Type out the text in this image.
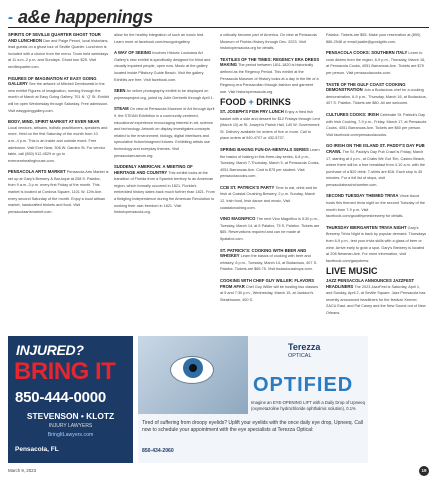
- a&e happenings
SPIRITS OF SEVILLE QUARTER GHOST TOUR AND LUNCHEON Dan and Paige Peroni, local historians, lead guests on a ghost tour of Seville Quarter. Luncheon is included with a choice from the menu. Tours held weekdays at 11 a.m.-2 p.m. and Sundays. Ghost tour $25. Visit sevillequarter.com.
FIGURES OF IMAGINATION AT EASY GOING GALLERY See the artwork of Mitchell Dembowski in the new exhibit Figures of Imagination, running through the month of March at Easy Going Gallery, 701 N. 'Q' St. Exhibit will be open Wednesday through Saturday. Free admission. Visit easygoinggallery.com.
BODY, MIND, SPIRIT MARKET AT EVER NEAR Local vendors, artisans, holistic practitioners, speakers and more. Held on the first Saturday of the month from 10 a.m.-4 p.m. This is an inside and outside event. Free admission. Visit Ever Near, 306 W. Garden St. For vendor table, call (850) 912-4529 or go to evernearhealinghouse.com.
PENSACOLA ARTS MARKET Pensacola Arts Market is set up at Gary's Brewery & Bar-bque at 208 S. Palafox, from 9 a.m.-3 p.m. every first Friday of the month. This market is located at Cordova Square, 1101 W. 12th Ave. every second Saturday of the month. Enjoy a local artisan market, handcrafted trinkets and food. Visit pensacolaartsmarket.com.
allow for the healthy integration of such an iconic bird. Learn more at facebook.com/escogoingallery.
A WAY OF SEEING Involves Historic Louisiana Art Gallery's new exhibit is specifically designed for blind and visually impaired people, open now. Music at the gallery located inside Pillsbury Guide Beach. Visit the gallery. Exhibits are free. Visit facebook.com.
SEEN An online photography exhibit to be displayed on pnjnewsproject.org, juried by Julie Gerberth through April 1.
STEAM On view at Pensacola Museum of Art through April 9, the STEAM Exhibition is a community-centered, educational experience encouraging interest in art, science and technology. Artwork on display investigates concepts related to the environment, biology, digital interfaces and speculative fiction/imagined futures. Exhibiting artists use technology and everyday themes. Visit pensacolamuseum.org.
SUDDENLY AMERICAN: A MEETING OF HERITAGE AND COUNTRY This exhibit looks at the transition of Florida from a Spanish territory to an American region, which formally occurred in 1821. Florida's embedded history dates back much further than 1821. From a fledgling independence during the American Revolution to working their own freedom in 1821. Visit historicpensacola.org.
a critically become part of America. On view at Pensacola Museum of Florida History through Dec. 2023. Visit historicpensacola.org for details.
TEXTILES OF THE TIMES: REGENCY ERA DRESS MAKING The period between 1811-1820 is historically defined as the Regency Period. This exhibit at the Pensacola Museum of History looks at a day in the life of a Regency-era Pensacolian through fashion and garment use. Visit historicpensacola.org.
FOOD + DRINKS
ST. JOSEPH'S FISH FRY LUNCH Enjoy a fried fish basket with a side and dessert for $12 Fridays through Lent (March 10) at St. Joseph's Parish Hall, 140 W. Government St. Delivery available for orders of five or more. Call to place orders at 940-4707 or 432-5737.
SPRING BAKING FUN-DA-MENTALS SERIES Learn the basics of baking in this three-day series, 6-8 p.m., Tuesday, March 7-Thursday, March 9, at Pensacola Cooks, 4051 Barrancas Ave. Cost is $75 per student. Visit pensacolacooks.com.
CCB ST. PATRICK'S PARTY Time to eat, drink and be Irish at Coastal Crushing Brewery, 2 p.m. Sunday, March 12. Irish food, Irish dance and music. Visit coastalcrushing.com.
VINO MAGNIFICO The next Vino Magnifico is 5:30 p.m., Tuesday, March 14, at 5 Palafox, 75 S. Palafox. Tickets are $65. Reservations required and can be made at 5palafox.com.
ST. PATRICK'S: COOKING WITH BEER AND WHISKEY Learn the basics of cooking with beer and whiskey, 6 p.m., Tuesday, March 14, at Bodacious, 407 S. Palafox. Tickets are $65.75. Visit bodaciousshops.com.
COOKING WITH CHEF GUY WILLER: FLAVORS FROM AFAR Chef Guy Willer will be hosting two classes at 5 and 7:30 p.m., Wednesday, March 15, at Jackson's Steakhouse, 400 S.
Palafox. Tickets are $55. Make your reservation at (850) 886-2948 or email jwaite@goodgrits.com.
PENSACOLA COOKS: SOUTHERN ITALY Learn to cook dishes from the region, 6-9 p.m., Thursday, March 16, at Pensacola Cooks, 4051 Barrancas Ave. Tickets are $75 per person. Visit pensacolacooks.com.
TASTE OF THE GULF COAST COOKING DEMONSTRATION Join a Bodacious chef for a cooking demonstration, 6-9 p.m., Thursday, March 16, at Bodacious, 407 S. Palafox. Tickets are $80. All are welcome.
CULTURES COOKS: IRISH Celebrate St. Patrick's Day with Irish Cooking, 7-9 p.m., Friday, March 17, at Pensacola Cooks, 4051 Barrancas Ave. Tickets are $60 per person. Visit facebook.com/pensacolacooks.
GO IRISH ON THE ISLAND ST. PADDY'S DAY PUB CRAWL The St. Paddy's Day Pub Crawl is Friday, March 17, starting at 4 p.m., at Crabs We Got 'Em, Casino Beach, where there will be a free breakfast from 4-10 a.m. with the purchase of a $20 drink. T-shirts are $18. Each stop is 45 minutes. For a full list of stops, visit pensacolabeachchamber.com.
SECOND TUESDAY THEMED TRIVIA Vince Ascot hosts this themed trivia night on the second Tuesday of the month from 7-9 p.m. Visit facebook.com/goodthymesbrewery for details.
THURSDAY BIERGARTEN TRIVIA NIGHT Gary's Brewery Trivia Night is back by popular demand. Thursdays from 6-9 p.m., test your trivia skills with a glass of beer or wine. Arrive early to grab a spot. Gary's Brewery is located at 208 Newman Ave. For more information, visit facebook.com/garysbrew.
LIVE MUSIC
JAZZ PENSACOLA ANNOUNCES JAZZFEST HEADLINERS The 2023 JazzFest is Saturday, April 1, and Sunday, April 2, at Seville Square. Jazz Pensacola has recently announced headliners for the festival: Kenner, ZACU East, and Pat Casey and the New Sound out of New Orleans.
INJURED?
BRING IT
850-444-0000
STEVENSON • KLOTZ
INJURY LAWYERS
BringItLawyers.com
Pensacola, FL
Terezza
OPTICAL
OPTIFIED
Imagine an EYE-OPENING LIFT with a Daily Drop of Upneeq (oxymetazoline hydrochloride ophthalmic solution), 0.1%
Tired of suffering from droopy eyelids? Uplift your eyelids with the once daily eye drop, Upneeq. Call now to schedule your appointment with the eye specialists at Terezza Optical:
850-434-2060
March 9, 2023	19
